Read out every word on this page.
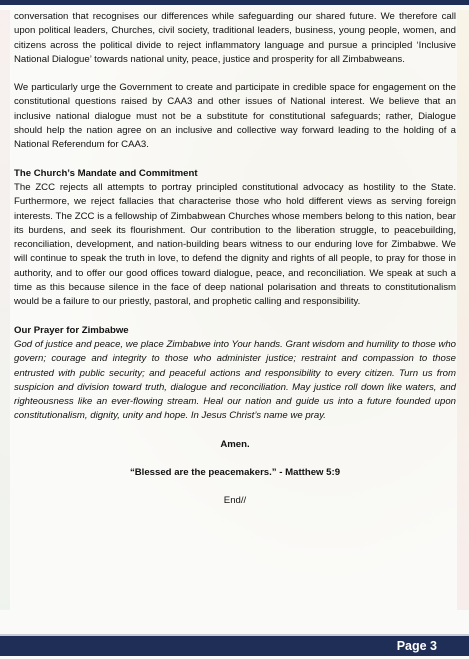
conversation that recognises our differences while safeguarding our shared future. We therefore call upon political leaders, Churches, civil society, traditional leaders, business, young people, women, and citizens across the political divide to reject inflammatory language and pursue a principled ‘Inclusive National Dialogue’ towards national unity, peace, justice and prosperity for all Zimbabweans.

We particularly urge the Government to create and participate in credible space for engagement on the constitutional questions raised by CAA3 and other issues of National interest. We believe that an inclusive national dialogue must not be a substitute for constitutional safeguards; rather, Dialogue should help the nation agree on an inclusive and collective way forward leading to the holding of a National Referendum for CAA3.

The Church’s Mandate and Commitment

The ZCC rejects all attempts to portray principled constitutional advocacy as hostility to the State. Furthermore, we reject fallacies that characterise those who hold different views as serving foreign interests. The ZCC is a fellowship of Zimbabwean Churches whose members belong to this nation, bear its burdens, and seek its flourishment. Our contribution to the liberation struggle, to peacebuilding, reconciliation, development, and nation-building bears witness to our enduring love for Zimbabwe. We will continue to speak the truth in love, to defend the dignity and rights of all people, to pray for those in authority, and to offer our good offices toward dialogue, peace, and reconciliation. We speak at such a time as this because silence in the face of deep national polarisation and threats to constitutionalism would be a failure to our priestly, pastoral, and prophetic calling and responsibility.

Our Prayer for Zimbabwe

God of justice and peace, we place Zimbabwe into Your hands. Grant wisdom and humility to those who govern; courage and integrity to those who administer justice; restraint and compassion to those entrusted with public security; and peaceful actions and responsibility to every citizen. Turn us from suspicion and division toward truth, dialogue and reconciliation. May justice roll down like waters, and righteousness like an ever-flowing stream. Heal our nation and guide us into a future founded upon constitutionalism, dignity, unity and hope. In Jesus Christ’s name we pray.

Amen.

“Blessed are the peacemakers.” - Matthew 5:9

End//

Page 3
